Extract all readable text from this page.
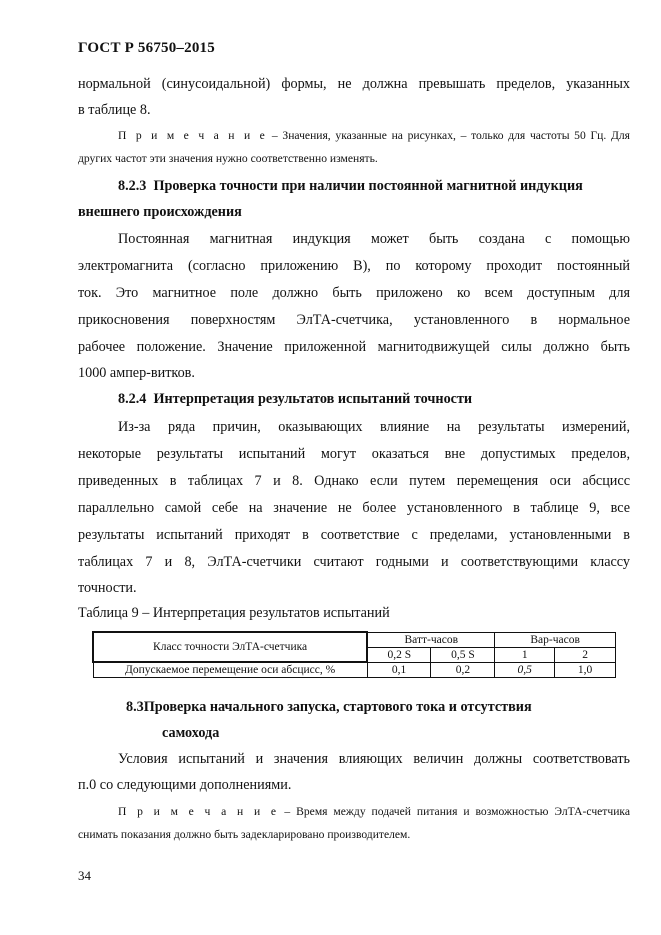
ГОСТ Р 56750–2015
нормальной (синусоидальной) формы, не должна превышать пределов, указанных
в таблице 8.
П р и м е ч а н и е – Значения, указанные на рисунках, – только для частоты 50 Гц. Для
других частот эти значения нужно соответственно изменять.
8.2.3 Проверка точности при наличии постоянной магнитной индукция
внешнего происхождения
Постоянная магнитная индукция может быть создана с помощью
электромагнита (согласно приложению В), по которому проходит постоянный
ток. Это магнитное поле должно быть приложено ко всем доступным для
прикосновения поверхностям ЭлТА-счетчика, установленного в нормальное
рабочее положение. Значение приложенной магнитодвижущей силы должно быть
1000 ампер-витков.
8.2.4 Интерпретация результатов испытаний точности
Из-за ряда причин, оказывающих влияние на результаты измерений,
некоторые результаты испытаний могут оказаться вне допустимых пределов,
приведенных в таблицах 7 и 8. Однако если путем перемещения оси абсцисс
параллельно самой себе на значение не более установленного в таблице 9, все
результаты испытаний приходят в соответствие с пределами, установленными в
таблицах 7 и 8, ЭлТА-счетчики считают годными и соответствующими классу
точности.
Таблица 9 – Интерпретация результатов испытаний
Класс точности ЭлТА-счетчика	Ватт-часов		Вар-часов	
	0,2 S	0,5 S	1	2
Допускаемое перемещение оси абсцисс, %	0,1	0,2	0,5	1,0
8.3Проверка начального запуска, стартового тока и отсутствия
самохода
Условия испытаний и значения влияющих величин должны соответствовать
п.0 со следующими дополнениями.
П р и м е ч а н и е – Время между подачей питания и возможностью ЭлТА-счетчика
снимать показания должно быть задекларировано производителем.
34
